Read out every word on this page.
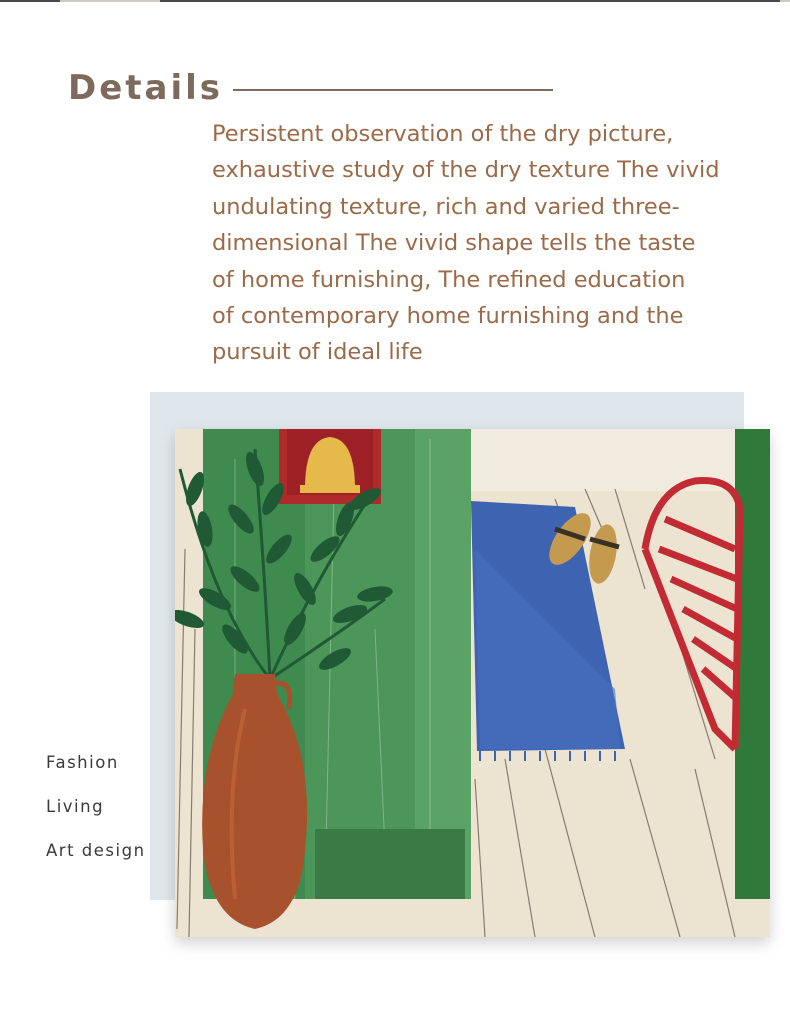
Details

Persistent observation of the dry picture,
exhaustive study of the dry texture The vivid
undulating texture, rich and varied three-
dimensional The vivid shape tells the taste
of home furnishing, The refined education
of contemporary home furnishing and the
pursuit of ideal life

Fashion
Living
Art design
